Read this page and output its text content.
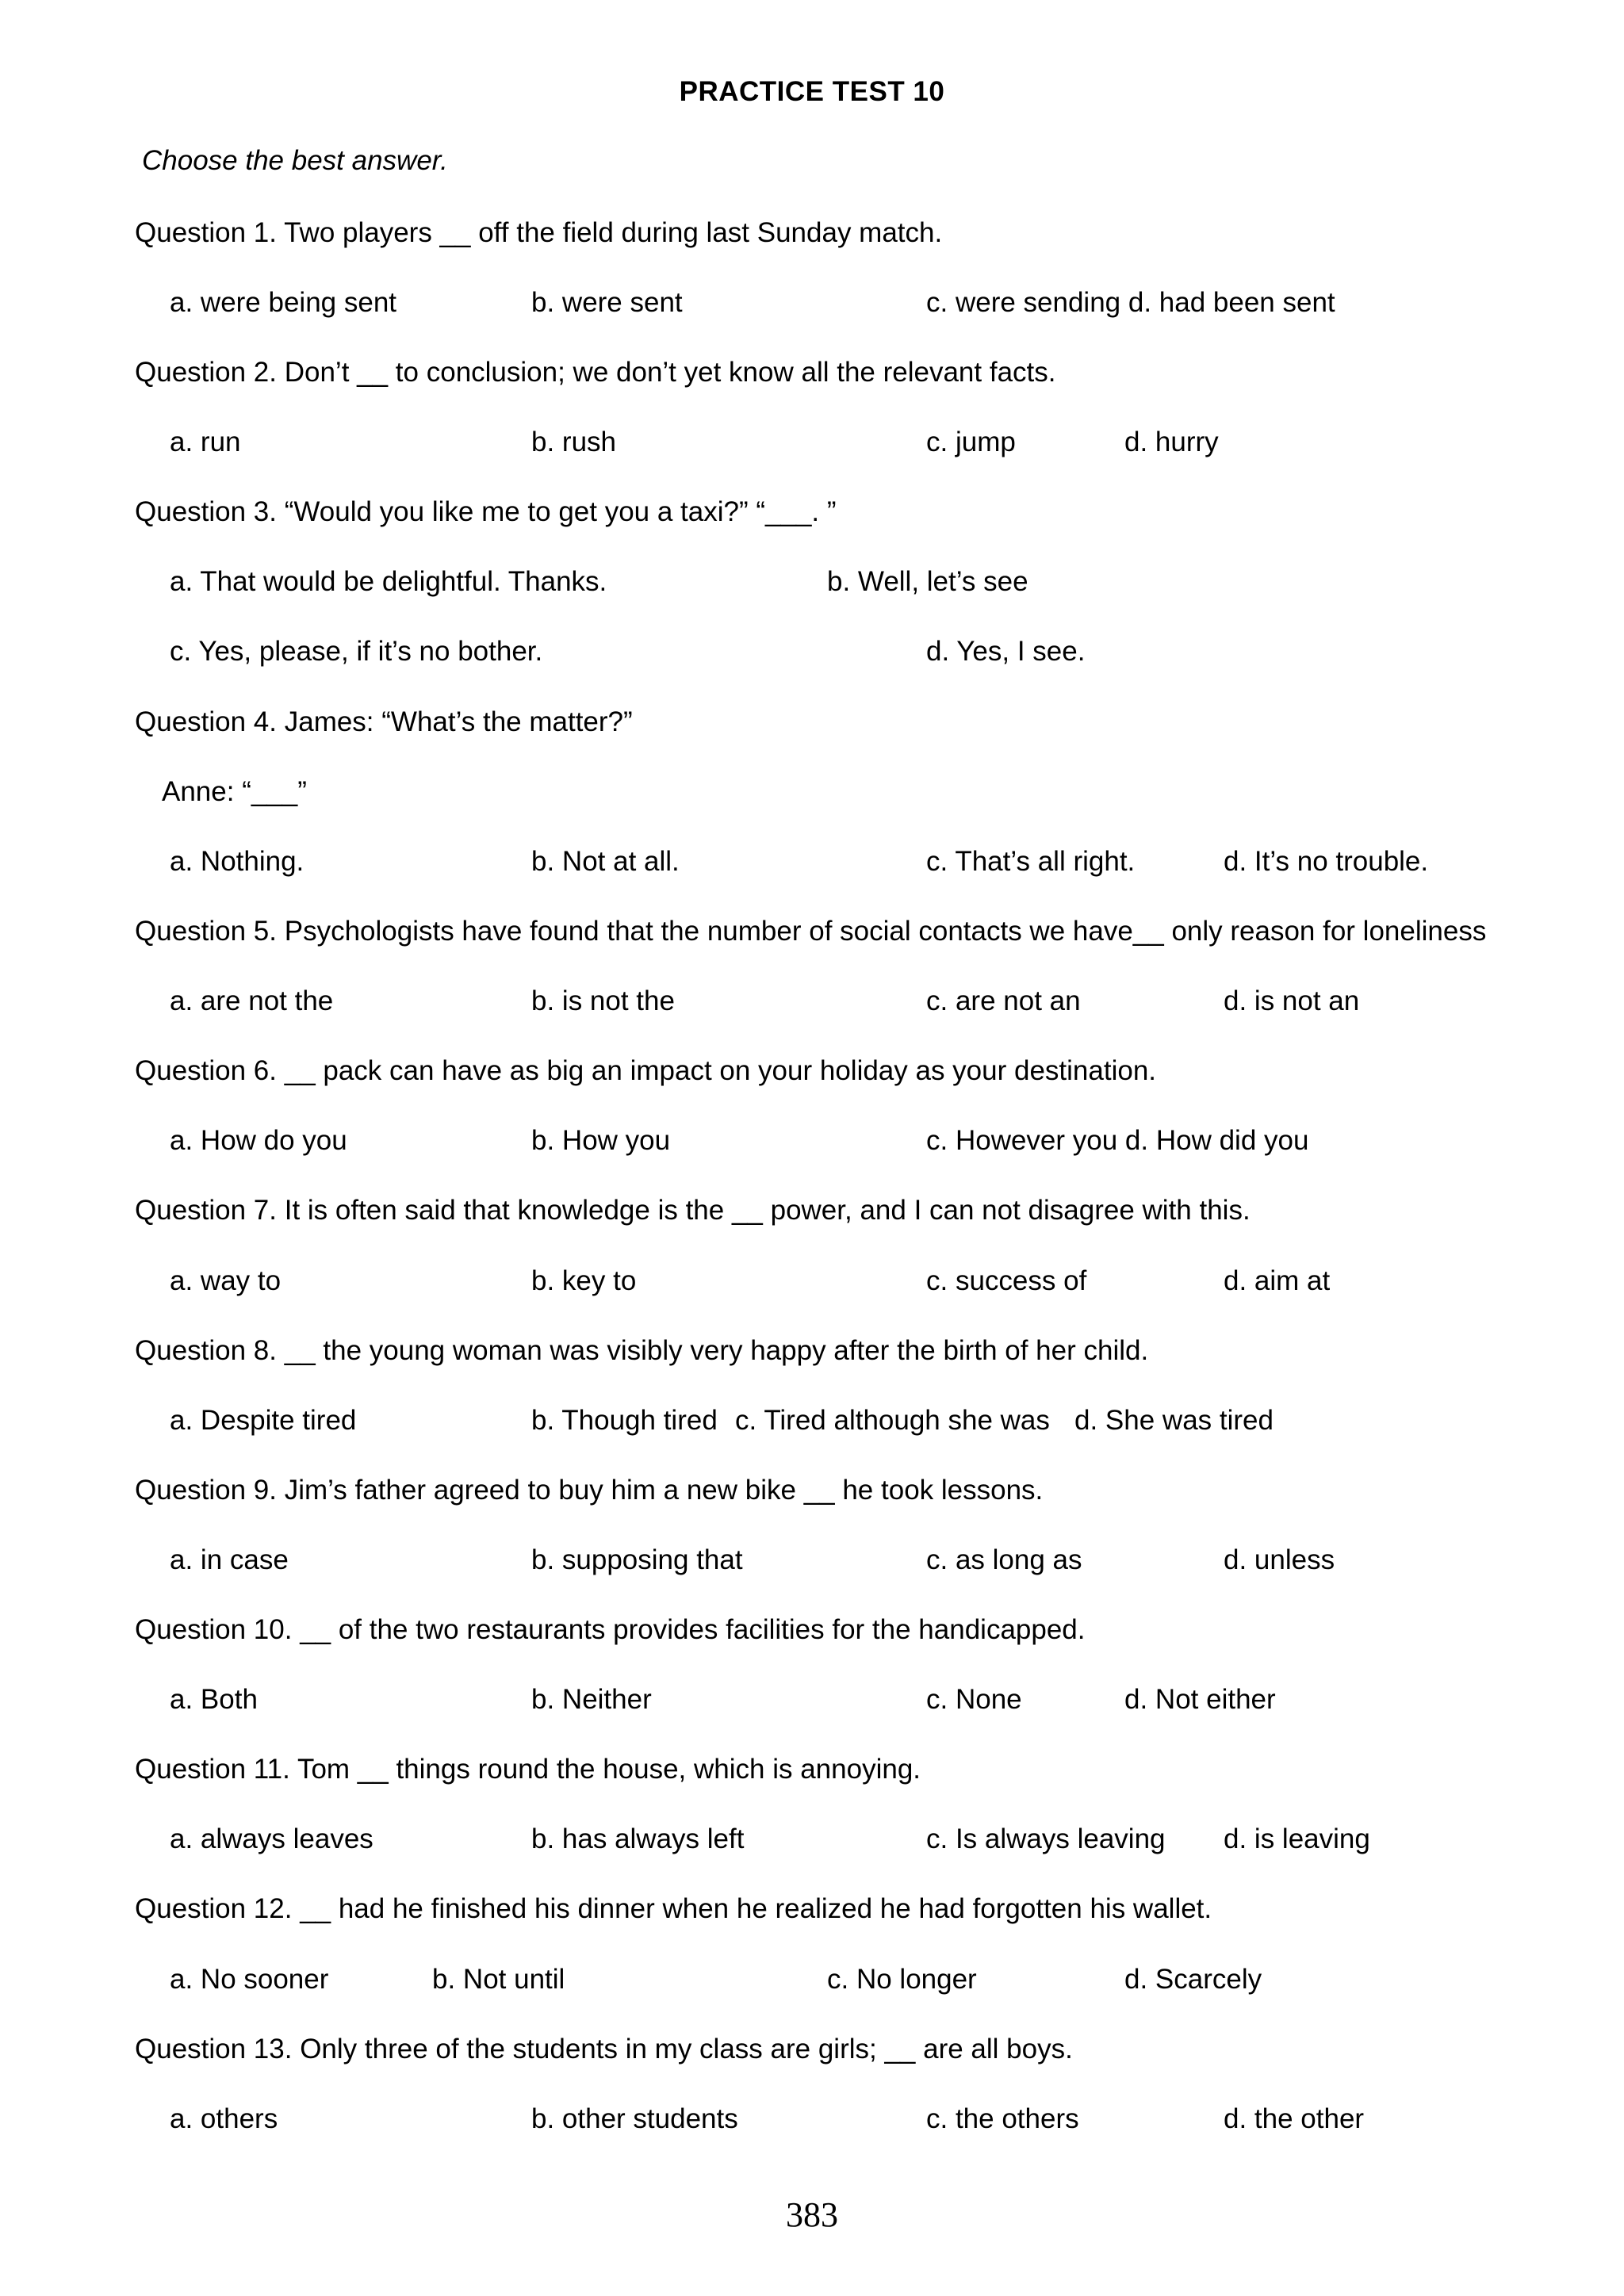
PRACTICE TEST 10
Choose the best answer.
Question 1. Two players __ off the field during last Sunday match.
a. were being sent	b. were sent	c. were sending d. had been sent
Question 2. Don’t __ to conclusion; we don’t yet know all the relevant facts.
a. run	b. rush	c. jump	d. hurry
Question 3. “Would you like me to get you a taxi?” “___. ”
a. That would be delightful. Thanks.	b. Well, let’s see
c. Yes, please, if it’s no bother.	d. Yes, I see.
Question 4. James: “What’s the matter?”
Anne: “___”
a. Nothing.	b. Not at all.	c. That’s all right.	d. It’s no trouble.
Question 5. Psychologists have found that the number of social contacts we have__ only reason for loneliness
a. are not the	b. is not the	c. are not an	d. is not an
Question 6. __ pack can have as big an impact on your holiday as your destination.
a. How do you	b. How you	c. However you d. How did you
Question 7. It is often said that knowledge is the __ power, and I can not disagree with this.
a. way to	b. key to	c. success of	d. aim at
Question 8. __ the young woman was visibly very happy after the birth of her child.
a. Despite tired	b. Though tired c. Tired although she was d. She was tired
Question 9. Jim’s father agreed to buy him a new bike __ he took lessons.
a. in case	b. supposing that	c. as long as	d. unless
Question 10. __ of the two restaurants provides facilities for the handicapped.
a. Both	b. Neither	c. None	d. Not either
Question 11. Tom __ things round the house, which is annoying.
a. always leaves	b. has always left	c. Is always leaving d. is leaving
Question 12. __ had he finished his dinner when he realized he had forgotten his wallet.
a. No sooner	b. Not until	c. No longer	d. Scarcely
Question 13. Only three of the students in my class are girls; __ are all boys.
a. others	b. other students	c. the others	d. the other
383
